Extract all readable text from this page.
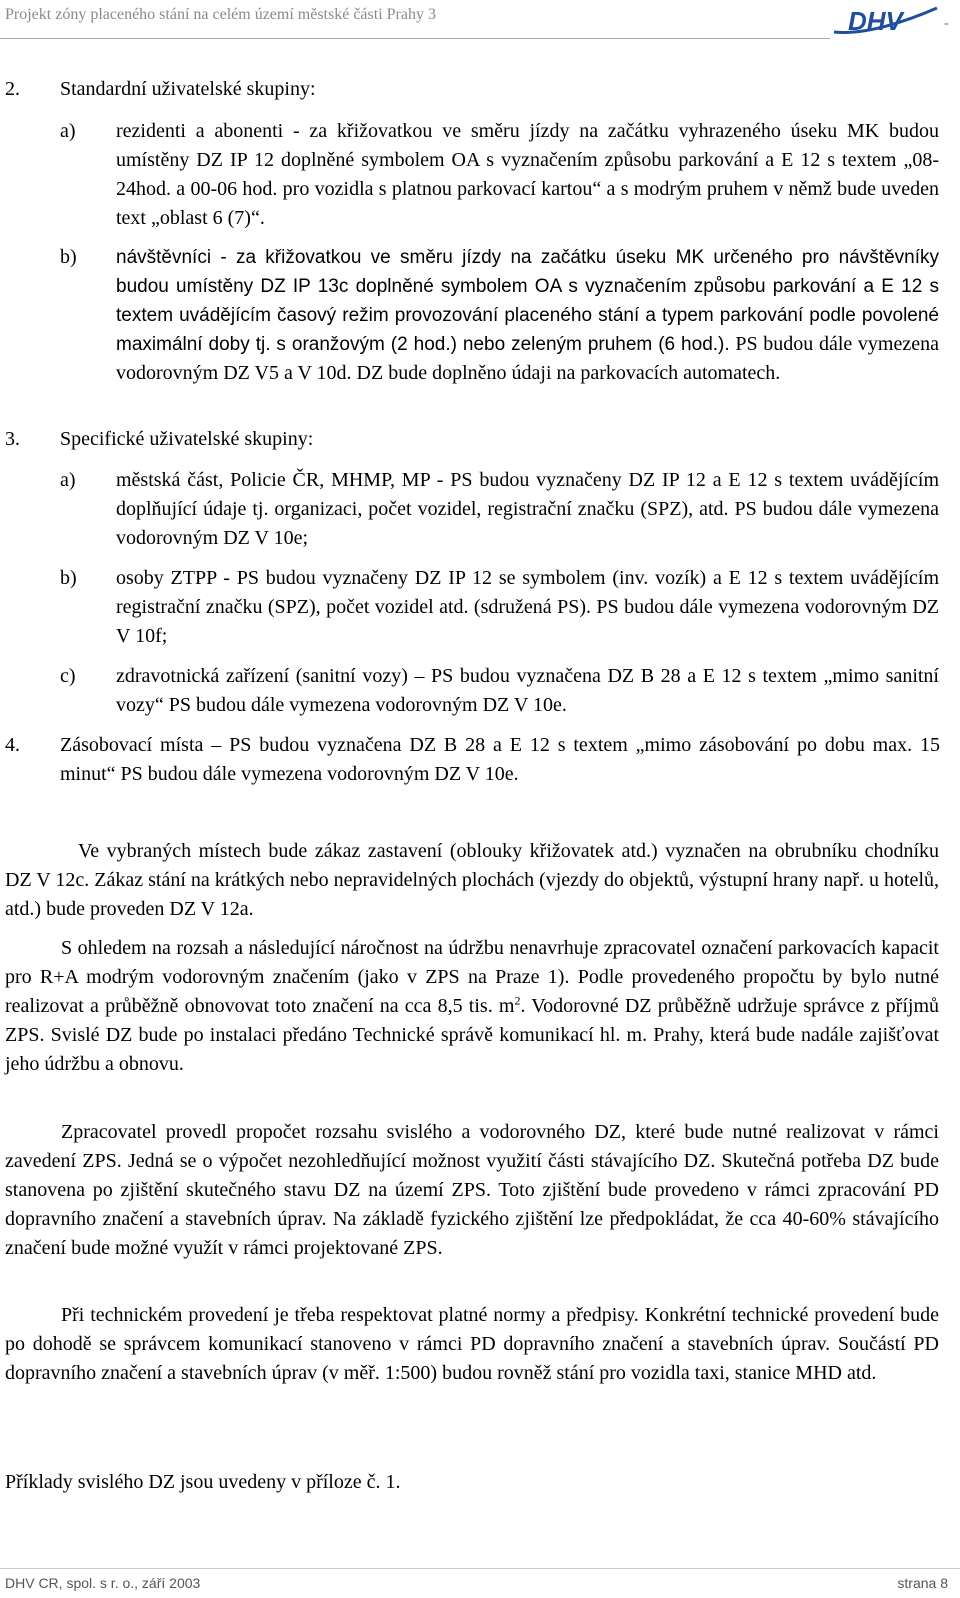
Projekt zóny placeného stání na celém území městské části Prahy 3	DHV	-
2. Standardní uživatelské skupiny:
a) rezidenti a abonenti - za křižovatkou ve směru jízdy na začátku vyhrazeného úseku MK budou umístěny DZ IP 12 doplněné symbolem OA s vyznačením způsobu parkování a E 12 s textem „08-24hod. a 00-06 hod. pro vozidla s platnou parkovací kartou“ a s modrým pruhem v němž bude uveden text „oblast 6 (7)“.
b) návštěvníci - za křižovatkou ve směru jízdy na začátku úseku MK určeného pro návštěvníky budou umístěny DZ IP 13c doplněné symbolem OA s vyznačením způsobu parkování a E 12 s textem uvádějícím časový režim provozování placeného stání a typem parkování podle povolené maximální doby tj. s oranžovým (2 hod.) nebo zeleným pruhem (6 hod.). PS budou dále vymezena vodorovným DZ V5 a V 10d. DZ bude doplněno údaji na parkovacích automatech.
3. Specifické uživatelské skupiny:
a) městská část, Policie ČR, MHMP, MP - PS budou vyznačeny DZ IP 12 a E 12 s textem uvádějícím doplňující údaje tj. organizaci, počet vozidel, registrační značku (SPZ), atd. PS budou dále vymezena vodorovným DZ V 10e;
b) osoby ZTPP - PS budou vyznačeny DZ IP 12 se symbolem (inv. vozík) a E 12 s textem uvádějícím registrační značku (SPZ), počet vozidel atd. (sdružená PS). PS budou dále vymezena vodorovným DZ V 10f;
c) zdravotnická zařízení (sanitní vozy) – PS budou vyznačena DZ B 28 a E 12 s textem „mimo sanitní vozy“ PS budou dále vymezena vodorovným DZ V 10e.
4. Zásobovací místa – PS budou vyznačena DZ B 28 a E 12 s textem „mimo zásobování po dobu max. 15 minut“ PS budou dále vymezena vodorovným DZ V 10e.
Ve vybraných místech bude zákaz zastavení (oblouky křižovatek atd.) vyznačen na obrubníku chodníku DZ V 12c. Zákaz stání na krátkých nebo nepravidelných plochách (vjezdy do objektů, výstupní hrany např. u hotelů, atd.) bude proveden DZ V 12a.
S ohledem na rozsah a následující náročnost na údržbu nenavrhuje zpracovatel označení parkovacích kapacit pro R+A modrým vodorovným značením (jako v ZPS na Praze 1). Podle provedeného propočtu by bylo nutné realizovat a průběžně obnovovat toto značení na cca 8,5 tis. $m^2$. Vodorovné DZ průběžně udržuje správce z příjmů ZPS. Svislé DZ bude po instalaci předáno Technické správě komunikací hl. m. Prahy, která bude nadále zajišťovat jeho údržbu a obnovu.
Zpracovatel provedl propočet rozsahu svislého a vodorovného DZ, které bude nutné realizovat v rámci zavedení ZPS. Jedná se o výpočet nezohledňující možnost využití části stávajícího DZ. Skutečná potřeba DZ bude stanovena po zjištění skutečného stavu DZ na území ZPS. Toto zjištění bude provedeno v rámci zpracování PD dopravního značení a stavebních úprav. Na základě fyzického zjištění lze předpokládat, že cca 40-60% stávajícího značení bude možné využít v rámci projektované ZPS.
Při technickém provedení je třeba respektovat platné normy a předpisy. Konkrétní technické provedení bude po dohodě se správcem komunikací stanoveno v rámci PD dopravního značení a stavebních úprav. Součástí PD dopravního značení a stavebních úprav (v měř. 1:500) budou rovněž stání pro vozidla taxi, stanice MHD atd.
Příklady svislého DZ jsou uvedeny v příloze č. 1.
DHV CR, spol. s r. o., září 2003	strana 8
